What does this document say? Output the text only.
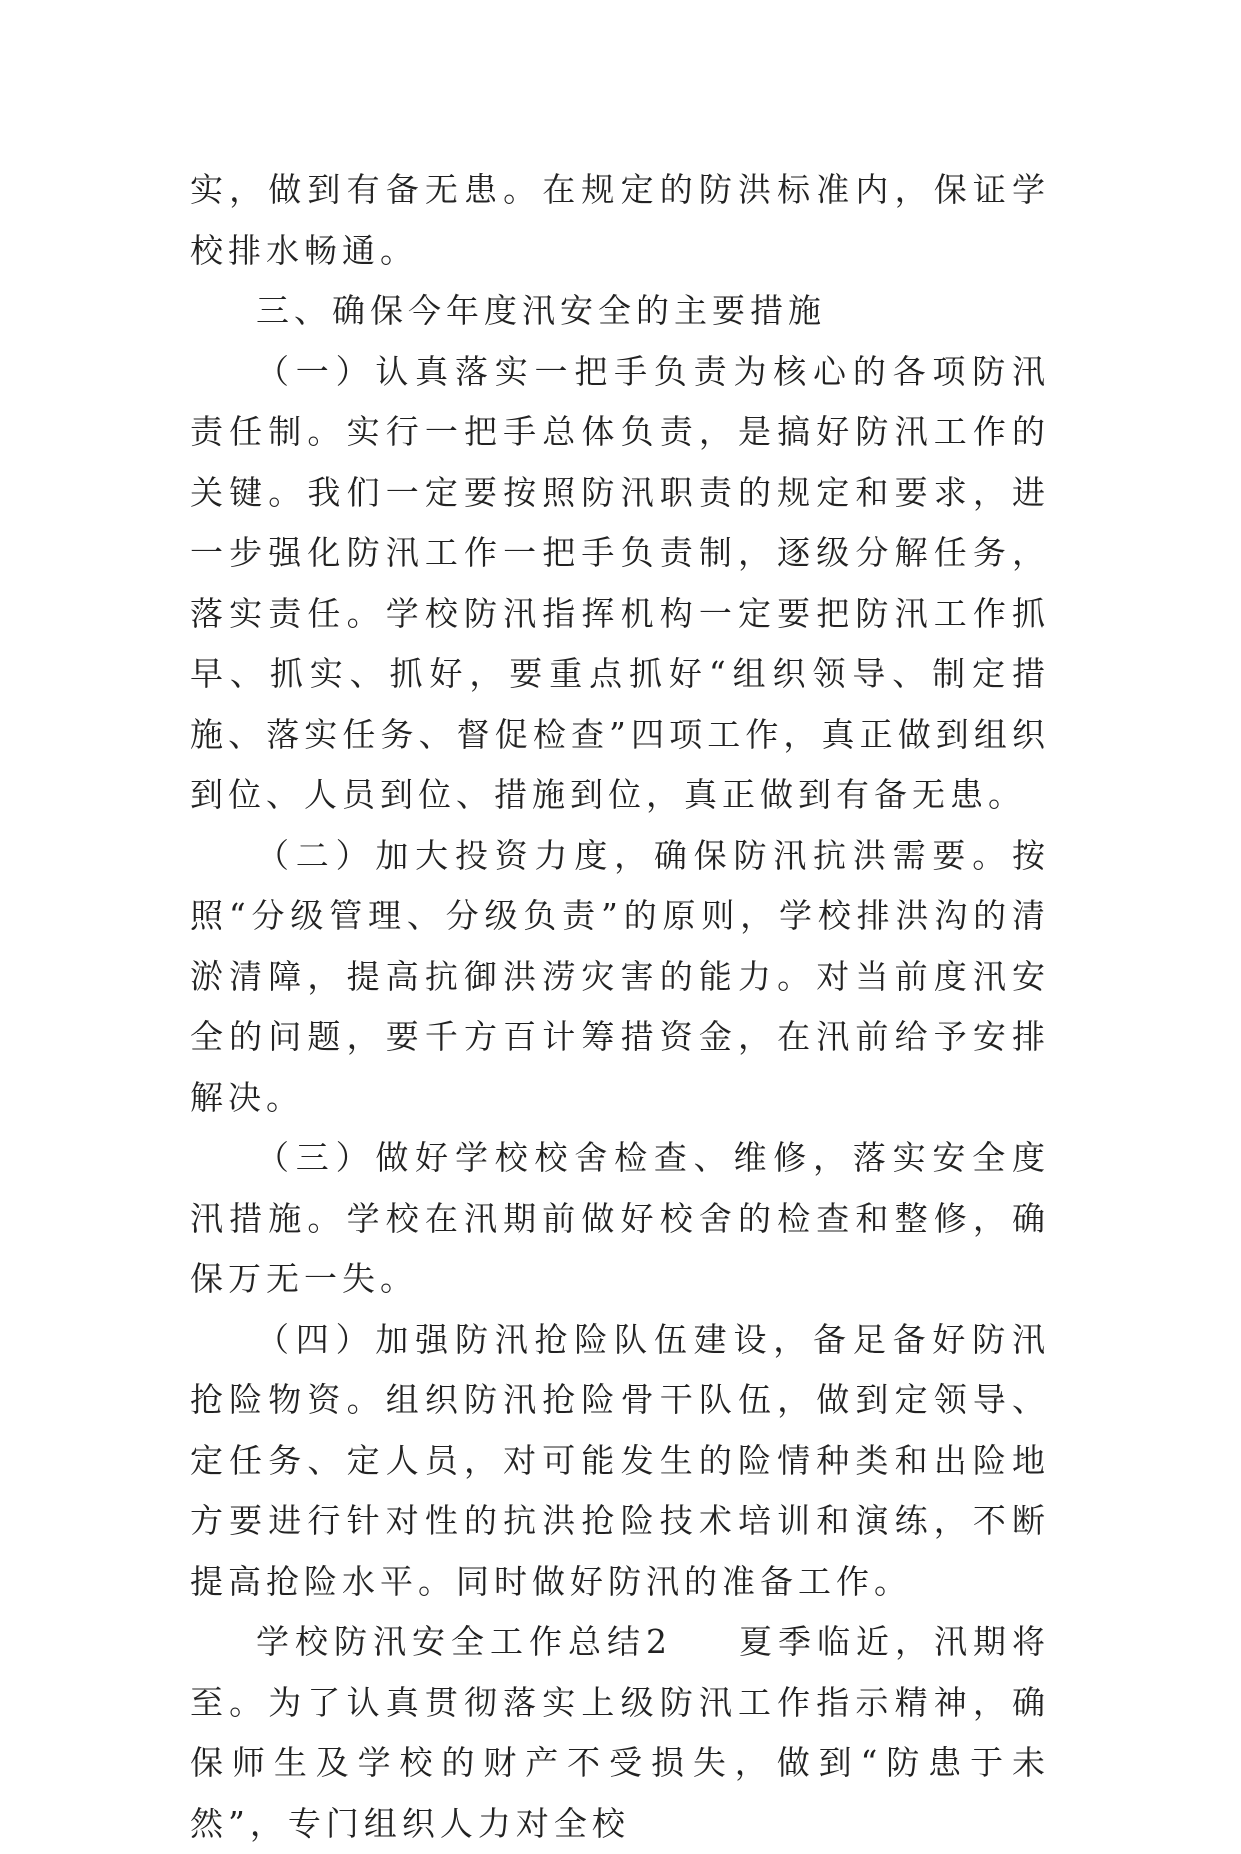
实，做到有备无患。在规定的防洪标准内，保证学校排水畅通。

三、确保今年度汛安全的主要措施

（一）认真落实一把手负责为核心的各项防汛责任制。实行一把手总体负责，是搞好防汛工作的关键。我们一定要按照防汛职责的规定和要求，进一步强化防汛工作一把手负责制，逐级分解任务，落实责任。学校防汛指挥机构一定要把防汛工作抓早、抓实、抓好，要重点抓好“组织领导、制定措施、落实任务、督促检查”四项工作，真正做到组织到位、人员到位、措施到位，真正做到有备无患。

（二）加大投资力度，确保防汛抗洪需要。按照“分级管理、分级负责”的原则，学校排洪沟的清淤清障，提高抗御洪涝灾害的能力。对当前度汛安全的问题，要千方百计筹措资金，在汛前给予安排解决。

（三）做好学校校舍检查、维修，落实安全度汛措施。学校在汛期前做好校舍的检查和整修，确保万无一失。

（四）加强防汛抢险队伍建设，备足备好防汛抢险物资。组织防汛抢险骨干队伍，做到定领导、定任务、定人员，对可能发生的险情种类和出险地方要进行针对性的抗洪抢险技术培训和演练，不断提高抢险水平。同时做好防汛的准备工作。

学校防汛安全工作总结2 夏季临近，汛期将至。为了认真贯彻落实上级防汛工作指示精神，确保师生及学校的财产不受损失，做到“防患于未然”，专门组织人力对全校
